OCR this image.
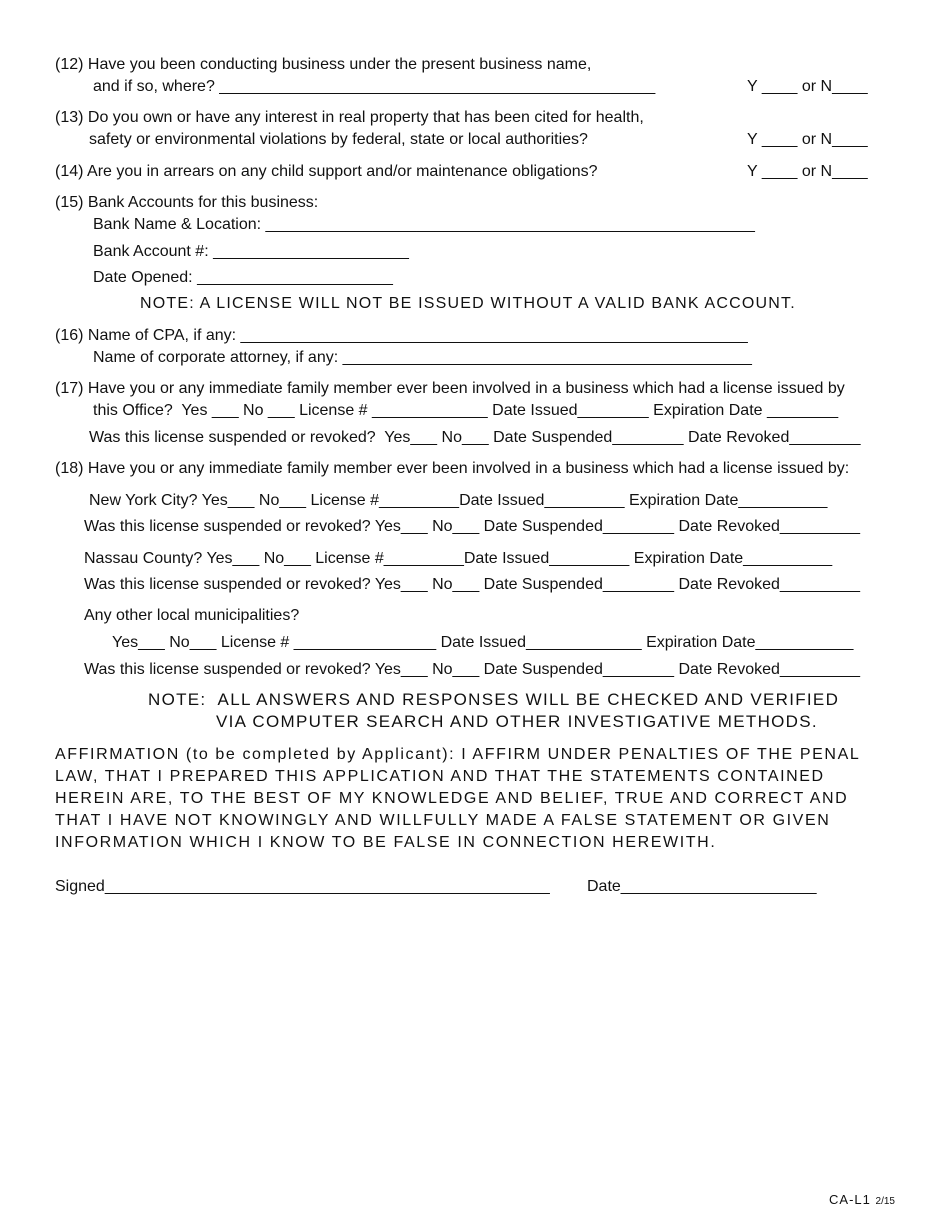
(12) Have you been conducting business under the present business name,
and if so, where? _________________________________________________	Y ____ or N____
(13) Do you own or have any interest in real property that has been cited for health,
safety or environmental violations by federal, state or local authorities?	Y ____ or N____
(14) Are you in arrears on any child support and/or maintenance obligations?	Y ____ or N____
(15) Bank Accounts for this business:
Bank Name & Location: _______________________________________________________
Bank Account #: ______________________
Date Opened: ______________________
NOTE: A LICENSE WILL NOT BE ISSUED WITHOUT A VALID BANK ACCOUNT.
(16) Name of CPA, if any: _________________________________________________________
Name of corporate attorney, if any: ______________________________________________
(17) Have you or any immediate family member ever been involved in a business which had a license issued by
this Office?  Yes ___ No ___ License # _____________ Date Issued________ Expiration Date ________
Was this license suspended or revoked?  Yes___ No___ Date Suspended________ Date Revoked________
(18) Have you or any immediate family member ever been involved in a business which had a license issued by:
New York City? Yes___ No___ License #_________Date Issued_________ Expiration Date__________
Was this license suspended or revoked? Yes___ No___ Date Suspended________ Date Revoked_________
Nassau County? Yes___ No___ License #_________Date Issued_________ Expiration Date__________
Was this license suspended or revoked? Yes___ No___ Date Suspended________ Date Revoked_________
Any other local municipalities?
Yes___ No___ License # ________________ Date Issued_____________ Expiration Date___________
Was this license suspended or revoked? Yes___ No___ Date Suspended________ Date Revoked_________
NOTE:  ALL ANSWERS AND RESPONSES WILL BE CHECKED AND VERIFIED
VIA COMPUTER SEARCH AND OTHER INVESTIGATIVE METHODS.
AFFIRMATION (to be completed by Applicant): I AFFIRM UNDER PENALTIES OF THE PENAL LAW, THAT I PREPARED THIS APPLICATION AND THAT THE STATEMENTS CONTAINED HEREIN ARE, TO THE BEST OF MY KNOWLEDGE AND BELIEF, TRUE AND CORRECT AND THAT I HAVE NOT KNOWINGLY AND WILLFULLY MADE A FALSE STATEMENT OR GIVEN INFORMATION WHICH I KNOW TO BE FALSE IN CONNECTION HEREWITH.
Signed__________________________________________________ Date______________________
CA-L1 2/15
